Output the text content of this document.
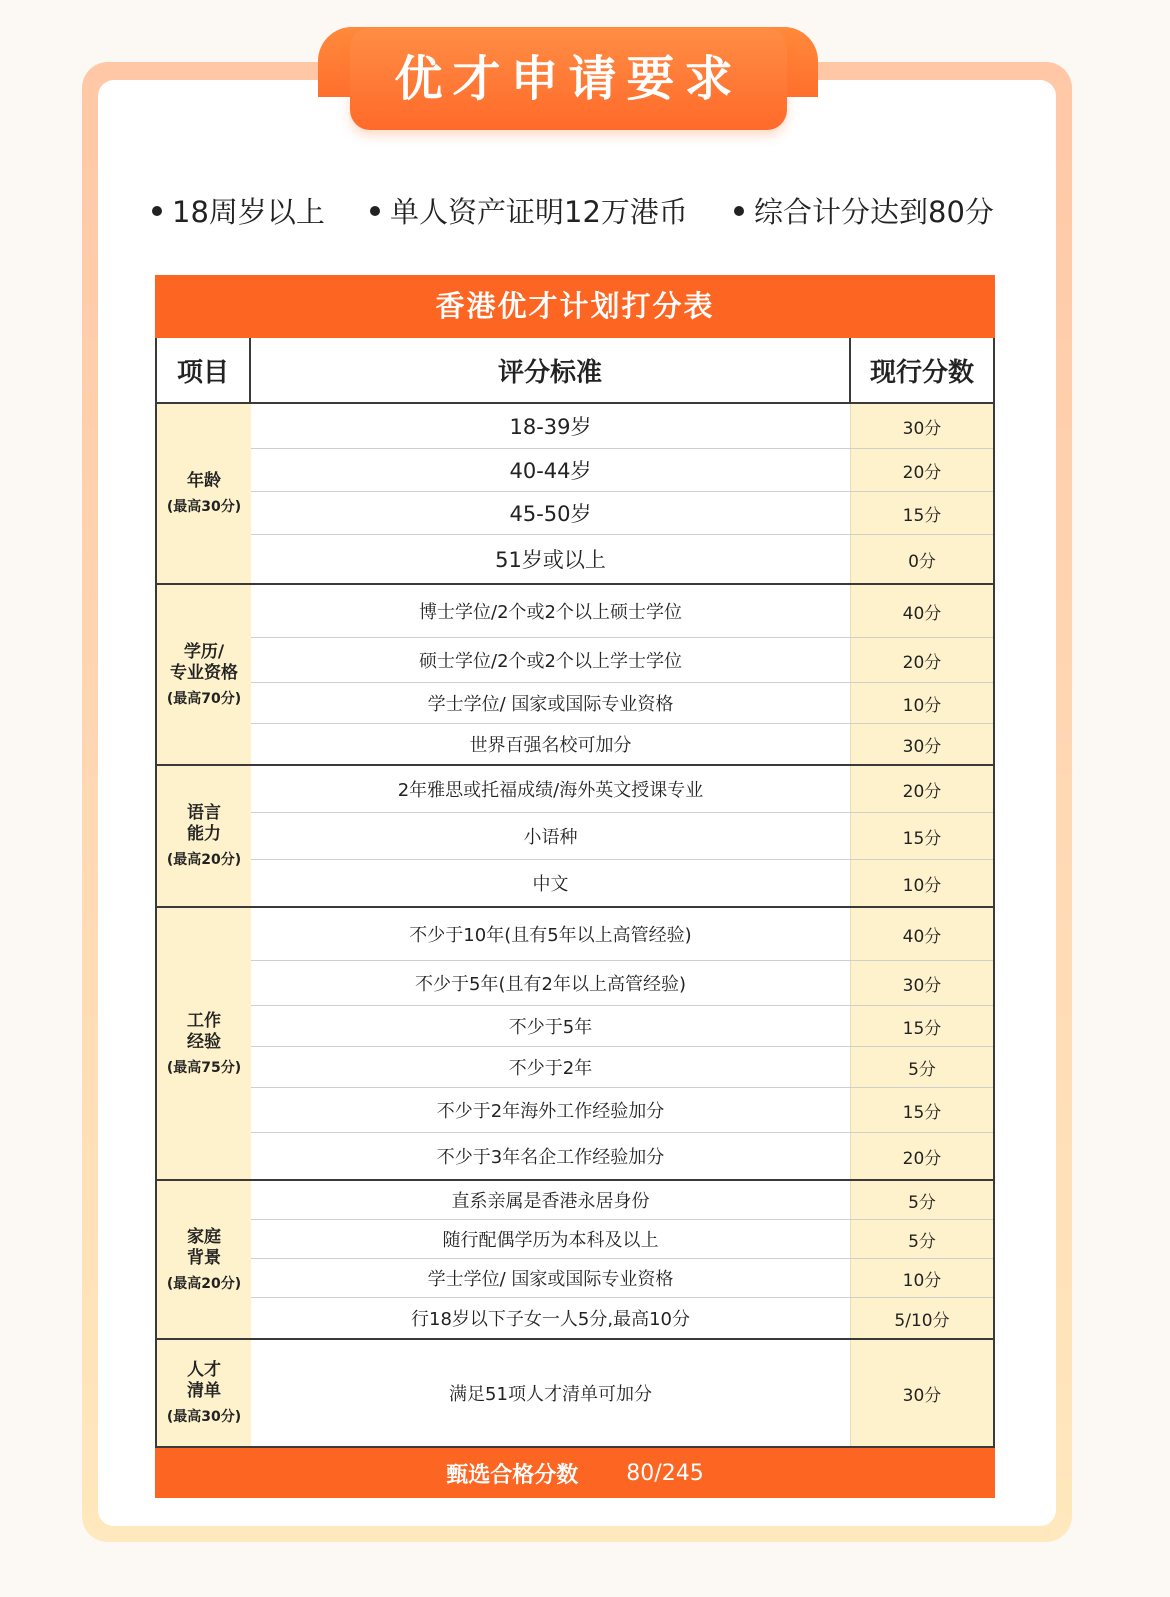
优才申请要求
18周岁以上	单人资产证明12万港币	综合计分达到80分
香港优才计划打分表
项目	评分标准	现行分数
年龄
(最高30分)
18-39岁	30分
40-44岁	20分
45-50岁	15分
51岁或以上	0分
学历/
专业资格
(最高70分)
博士学位/2个或2个以上硕士学位	40分
硕士学位/2个或2个以上学士学位	20分
学士学位/ 国家或国际专业资格	10分
世界百强名校可加分	30分
语言
能力
(最高20分)
2年雅思或托福成绩/海外英文授课专业	20分
小语种	15分
中文	10分
工作
经验
(最高75分)
不少于10年(且有5年以上高管经验)	40分
不少于5年(且有2年以上高管经验)	30分
不少于5年	15分
不少于2年	5分
不少于2年海外工作经验加分	15分
不少于3年名企工作经验加分	20分
家庭
背景
(最高20分)
直系亲属是香港永居身份	5分
随行配偶学历为本科及以上	5分
学士学位/ 国家或国际专业资格	10分
行18岁以下子女一人5分,最高10分	5/10分
人才
清单
(最高30分)
满足51项人才清单可加分	30分
甄选合格分数 80/245
